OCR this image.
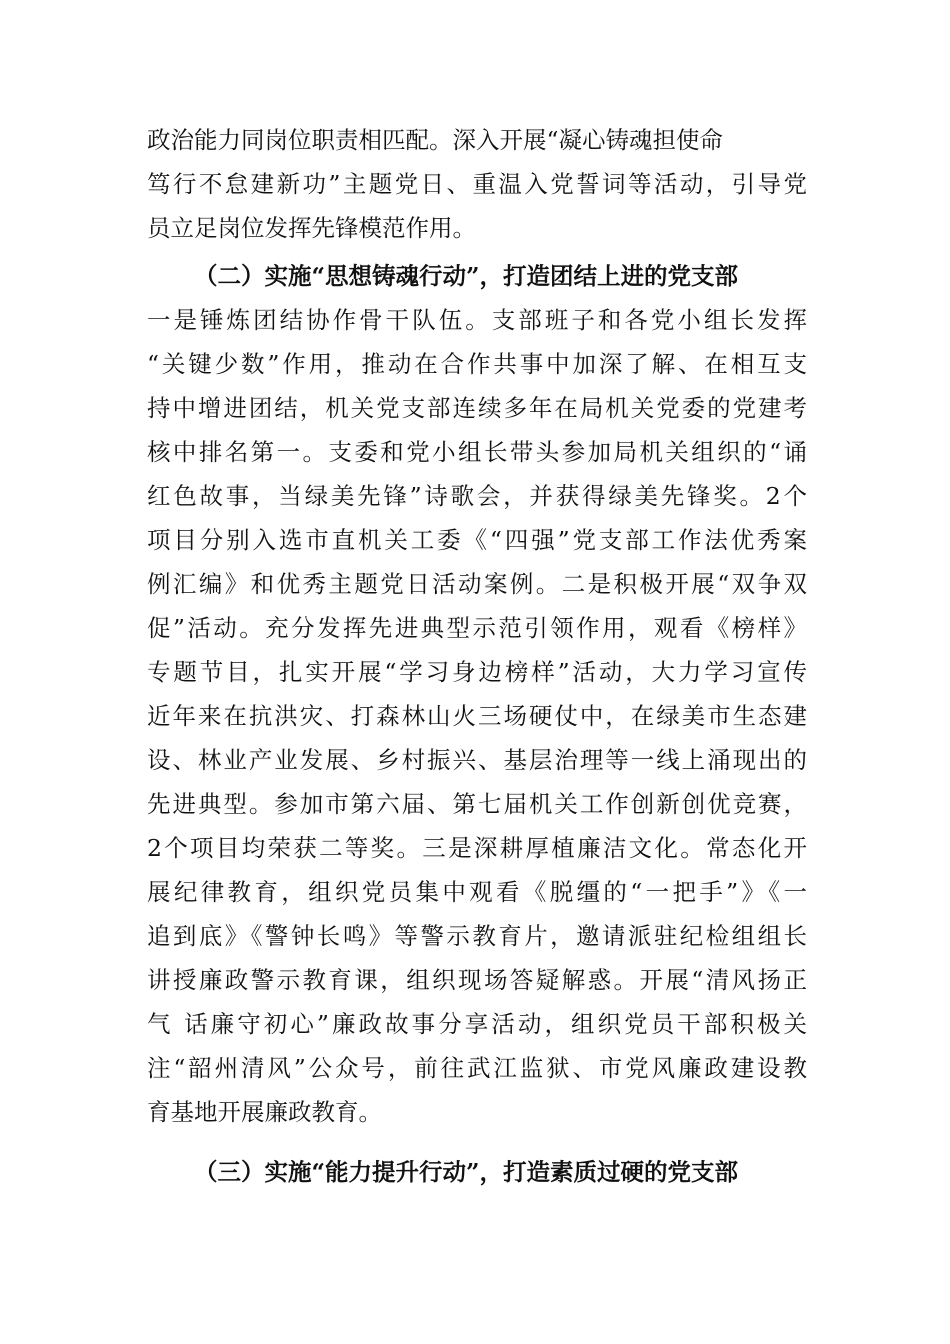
政治能力同岗位职责相匹配。深入开展“凝心铸魂担使命
笃行不怠建新功”主题党日、重温入党誓词等活动，引导党
员立足岗位发挥先锋模范作用。
（二）实施“思想铸魂行动”，打造团结上进的党支部
一是锤炼团结协作骨干队伍。支部班子和各党小组长发挥
“关键少数”作用，推动在合作共事中加深了解、在相互支
持中增进团结，机关党支部连续多年在局机关党委的党建考
核中排名第一。支委和党小组长带头参加局机关组织的“诵
红色故事，当绿美先锋”诗歌会，并获得绿美先锋奖。2个
项目分别入选市直机关工委《“四强”党支部工作法优秀案
例汇编》和优秀主题党日活动案例。二是积极开展“双争双
促”活动。充分发挥先进典型示范引领作用，观看《榜样》
专题节目，扎实开展“学习身边榜样”活动，大力学习宣传
近年来在抗洪灾、打森林山火三场硬仗中，在绿美市生态建
设、林业产业发展、乡村振兴、基层治理等一线上涌现出的
先进典型。参加市第六届、第七届机关工作创新创优竞赛，
2个项目均荣获二等奖。三是深耕厚植廉洁文化。常态化开
展纪律教育，组织党员集中观看《脱缰的“一把手”》《一
追到底》《警钟长鸣》等警示教育片，邀请派驻纪检组组长
讲授廉政警示教育课，组织现场答疑解惑。开展“清风扬正
气 话廉守初心”廉政故事分享活动，组织党员干部积极关
注“韶州清风”公众号，前往武江监狱、市党风廉政建设教
育基地开展廉政教育。
（三）实施“能力提升行动”，打造素质过硬的党支部
